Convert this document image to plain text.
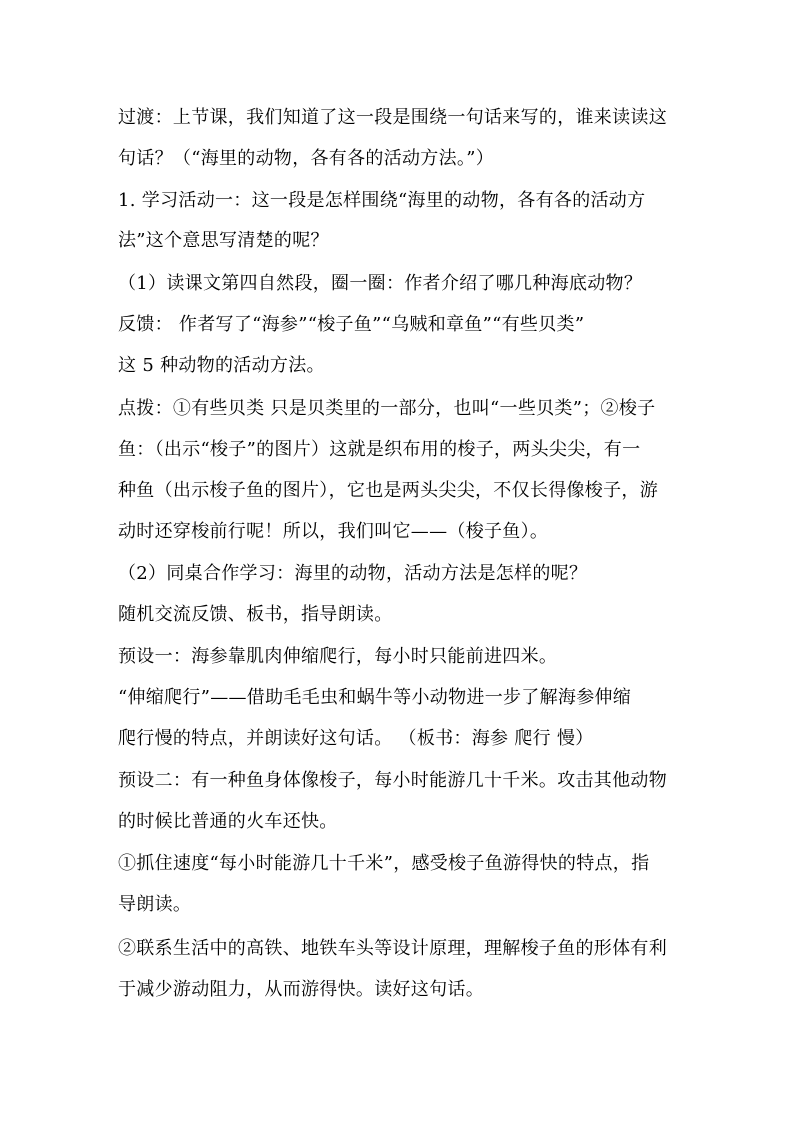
过渡：上节课，我们知道了这一段是围绕一句话来写的，谁来读读这
句话？（“海里的动物，各有各的活动方法。”）
1. 学习活动一：这一段是怎样围绕“海里的动物，各有各的活动方
法”这个意思写清楚的呢？
（1）读课文第四自然段，圈一圈：作者介绍了哪几种海底动物？
反馈： 作者写了“海参”“梭子鱼”“乌贼和章鱼”“有些贝类”
这 5 种动物的活动方法。
点拨：①有些贝类 只是贝类里的一部分，也叫“一些贝类”；②梭子
鱼：（出示“梭子”的图片）这就是织布用的梭子，两头尖尖，有一
种鱼（出示梭子鱼的图片），它也是两头尖尖，不仅长得像梭子，游
动时还穿梭前行呢！所以，我们叫它——（梭子鱼）。
（2）同桌合作学习：海里的动物，活动方法是怎样的呢？
随机交流反馈、板书，指导朗读。
预设一：海参靠肌肉伸缩爬行，每小时只能前进四米。
“伸缩爬行”——借助毛毛虫和蜗牛等小动物进一步了解海参伸缩
爬行慢的特点，并朗读好这句话。 （板书：海参 爬行 慢）
预设二：有一种鱼身体像梭子，每小时能游几十千米。攻击其他动物
的时候比普通的火车还快。
①抓住速度“每小时能游几十千米”，感受梭子鱼游得快的特点，指
导朗读。
②联系生活中的高铁、地铁车头等设计原理，理解梭子鱼的形体有利
于减少游动阻力，从而游得快。读好这句话。
